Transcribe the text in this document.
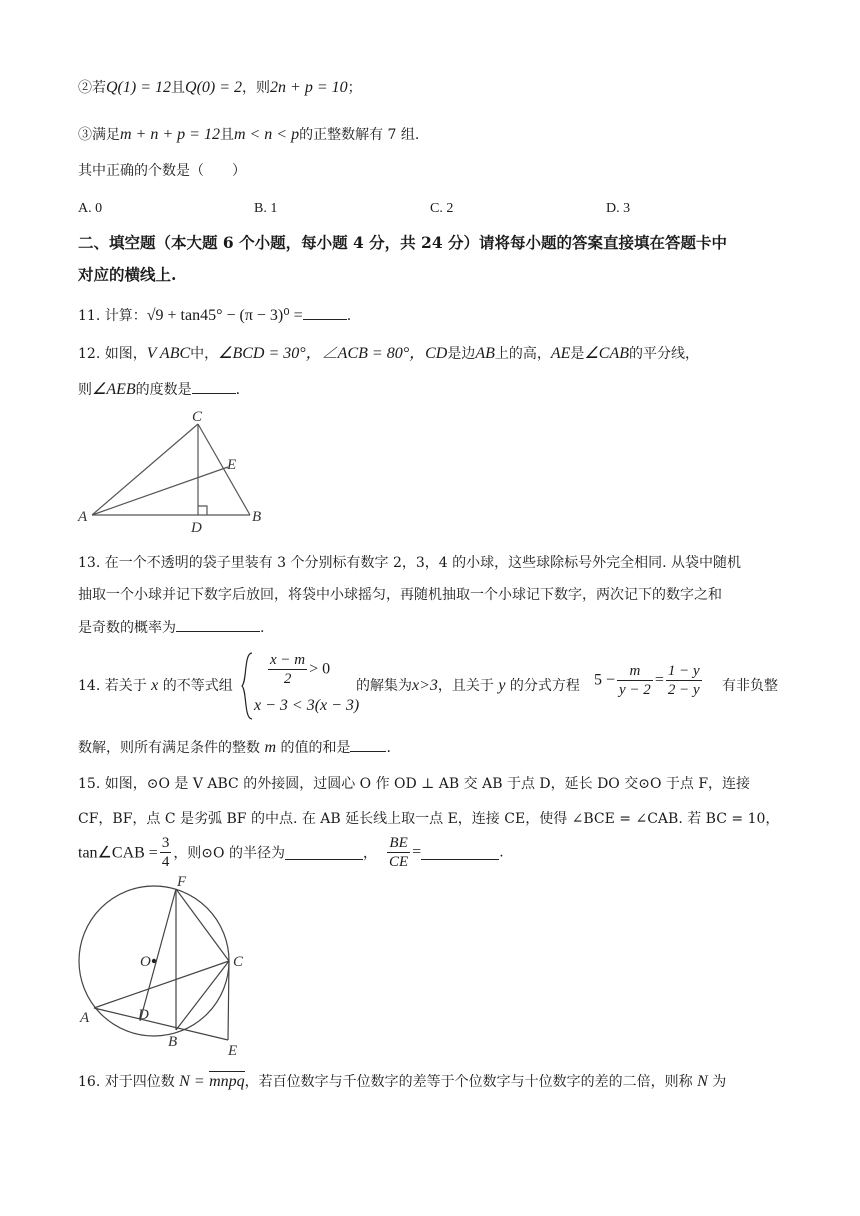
②若Q(1) = 12且Q(0) = 2，则2n + p = 10；
③满足m + n + p = 12且m < n < p的正整数解有 7 组.
其中正确的个数是（　　）
A. 0	B. 1	C. 2	D. 3
二、填空题（本大题 6 个小题，每小题 4 分，共 24 分）请将每小题的答案直接填在答题卡中
对应的横线上.
11. 计算：√9 + tan45° − (π − 3)⁰ =	.
12. 如图，V ABC中，∠BCD = 30°，∠ACB = 80°，CD是边AB上的高，AE是∠CAB的平分线，
则∠AEB的度数是	.
C
E
A	B
D
13. 在一个不透明的袋子里装有 3 个分别标有数字 2，3，4 的小球，这些球除标号外完全相同. 从袋中随机
抽取一个小球并记下数字后放回，将袋中小球摇匀，再随机抽取一个小球记下数字，两次记下的数字之和
是奇数的概率为	.
14. 若关于 x 的不等式组 $\frac{x - m}{2} > 0$
x − 3 < 3(x − 3)
的解集为x>3，且关于 y 的分式方程 $5 - \frac{m}{y - 2} = \frac{1 - y}{2 - y}$ 有非负整
数解，则所有满足条件的整数 m 的值的和是	.
15. 如图，⊙O 是 V ABC 的外接圆，过圆心 O 作 OD ⊥ AB 交 AB 于点 D，延长 DO 交⊙O 于点 F，连接
CF，BF，点 C 是劣弧 BF 的中点. 在 AB 延长线上取一点 E，连接 CE，使得 ∠BCE = ∠CAB. 若 BC = 10，
tan∠CAB = $\frac{3}{4}$ ，则⊙O 的半径为	， $\frac{BE}{CE}$ =	.
F
O	C
A	D
B
E
16. 对于四位数 N = mnpq，若百位数字与千位数字的差等于个位数字与十位数字的差的二倍，则称 N 为
